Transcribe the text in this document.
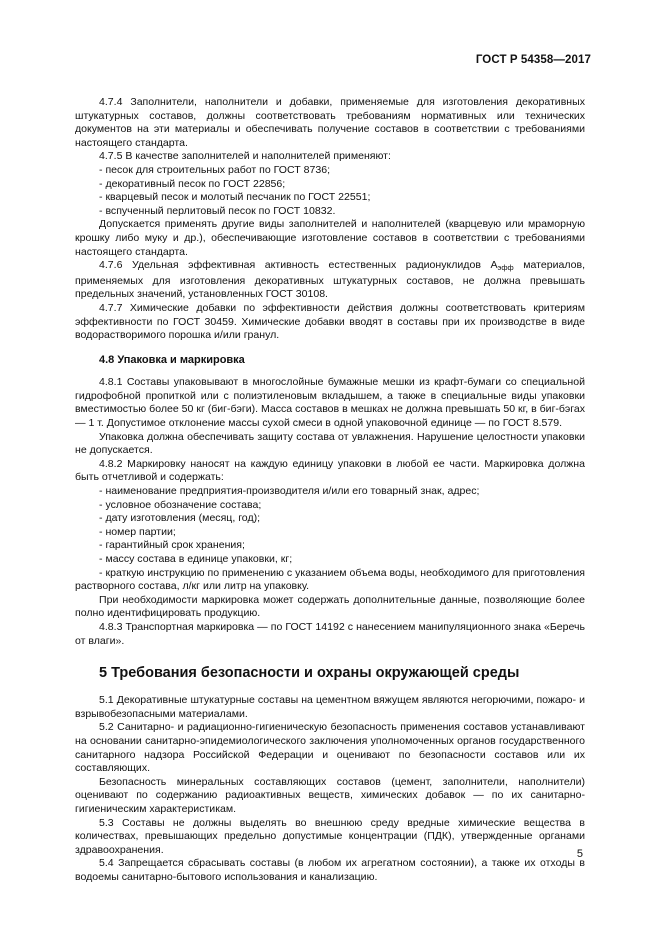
ГОСТ Р 54358—2017

4.7.4 Заполнители, наполнители и добавки, применяемые для изготовления декоративных штукатурных составов, должны соответствовать требованиям нормативных или технических документов на эти материалы и обеспечивать получение составов в соответствии с требованиями настоящего стандарта.

4.7.5 В качестве заполнителей и наполнителей применяют:

- песок для строительных работ по ГОСТ 8736;

- декоративный песок по ГОСТ 22856;

- кварцевый песок и молотый песчаник по ГОСТ 22551;

- вспученный перлитовый песок по ГОСТ 10832.

Допускается применять другие виды заполнителей и наполнителей (кварцевую или мраморную крошку либо муку и др.), обеспечивающие изготовление составов в соответствии с требованиями настоящего стандарта.

4.7.6 Удельная эффективная активность естественных радионуклидов $А_{эфф}$ материалов, применяемых для изготовления декоративных штукатурных составов, не должна превышать предельных значений, установленных ГОСТ 30108.

4.7.7 Химические добавки по эффективности действия должны соответствовать критериям эффективности по ГОСТ 30459. Химические добавки вводят в составы при их производстве в виде водорастворимого порошка и/или гранул.

4.8 Упаковка и маркировка

4.8.1 Составы упаковывают в многослойные бумажные мешки из крафт-бумаги со специальной гидрофобной пропиткой или с полиэтиленовым вкладышем, а также в специальные виды упаковки вместимостью более 50 кг (биг-бэги). Масса составов в мешках не должна превышать 50 кг, в биг-бэгах — 1 т. Допустимое отклонение массы сухой смеси в одной упаковочной единице — по ГОСТ 8.579.

Упаковка должна обеспечивать защиту состава от увлажнения. Нарушение целостности упаковки не допускается.

4.8.2 Маркировку наносят на каждую единицу упаковки в любой ее части. Маркировка должна быть отчетливой и содержать:

- наименование предприятия-производителя и/или его товарный знак, адрес;

- условное обозначение состава;

- дату изготовления (месяц, год);

- номер партии;

- гарантийный срок хранения;

- массу состава в единице упаковки, кг;

- краткую инструкцию по применению с указанием объема воды, необходимого для приготовления растворного состава, л/кг или литр на упаковку.

При необходимости маркировка может содержать дополнительные данные, позволяющие более полно идентифицировать продукцию.

4.8.3 Транспортная маркировка — по ГОСТ 14192 с нанесением манипуляционного знака «Беречь от влаги».

5 Требования безопасности и охраны окружающей среды

5.1 Декоративные штукатурные составы на цементном вяжущем являются негорючими, пожаро- и взрывобезопасными материалами.

5.2 Санитарно- и радиационно-гигиеническую безопасность применения составов устанавливают на основании санитарно-эпидемиологического заключения уполномоченных органов государственного санитарного надзора Российской Федерации и оценивают по безопасности составов или их составляющих.

Безопасность минеральных составляющих составов (цемент, заполнители, наполнители) оценивают по содержанию радиоактивных веществ, химических добавок — по их санитарно-гигиеническим характеристикам.

5.3 Составы не должны выделять во внешнюю среду вредные химические вещества в количествах, превышающих предельно допустимые концентрации (ПДК), утвержденные органами здравоохранения.

5.4 Запрещается сбрасывать составы (в любом их агрегатном состоянии), а также их отходы в водоемы санитарно-бытового использования и канализацию.

5
